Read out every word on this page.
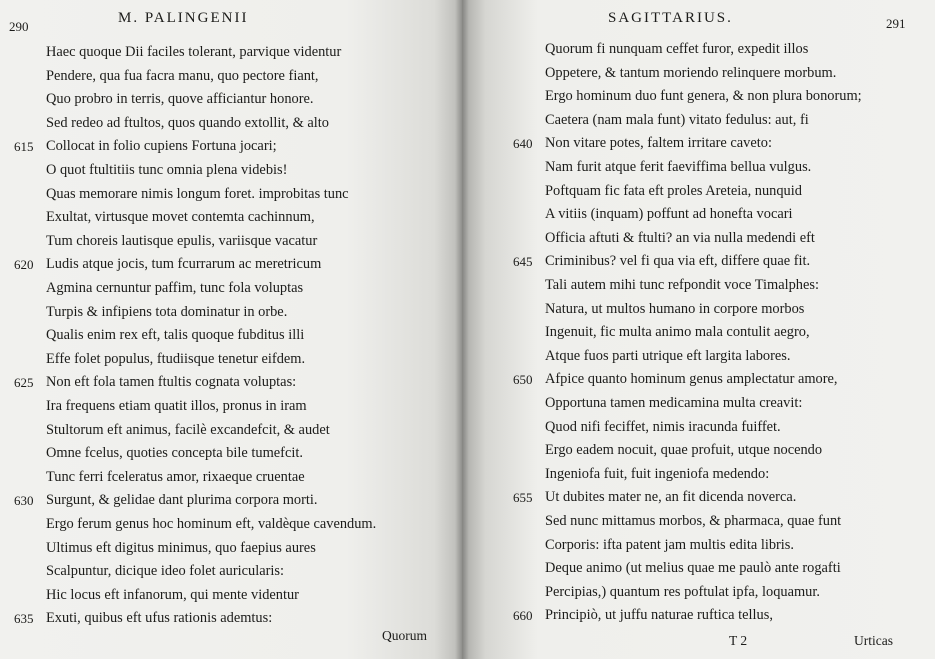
290
M. PALINGENII
Haec quoque Dii faciles tolerant, parvique videntur
Pendere, qua fua facra manu, quo pectore fiant,
Quo probro in terris, quove afficiantur honore.
Sed redeo ad ftultos, quos quando extollit, & alto
Collocat in folio cupiens Fortuna jocari;
615
O quot ftultitiis tunc omnia plena videbis!
Quas memorare nimis longum foret. improbitas tunc
Exultat, virtusque movet contemta cachinnum,
Tum choreis lautisque epulis, variisque vacatur
Ludis atque jocis, tum fcurrarum ac meretricum
620
Agmina cernuntur paffim, tunc fola voluptas
Turpis & infipiens tota dominatur in orbe.
Qualis enim rex eft, talis quoque fubditus illi
Effe folet populus, ftudiisque tenetur eifdem.
Non eft fola tamen ftultis cognata voluptas:
625
Ira frequens etiam quatit illos, pronus in iram
Stultorum eft animus, facilè excandefcit, & audet
Omne fcelus, quoties concepta bile tumefcit.
Tunc ferri fceleratus amor, rixaeque cruentae
Surgunt, & gelidae dant plurima corpora morti.
630
Ergo ferum genus hoc hominum eft, valdèque cavendum.
Ultimus eft digitus minimus, quo faepius aures
Scalpuntur, dicique ideo folet auricularis:
Hic locus eft infanorum, qui mente videntur
Exuti, quibus eft ufus rationis ademtus:
635
Quorum
SAGITTARIUS.	291
Quorum fi nunquam ceffet furor, expedit illos
Oppetere, & tantum moriendo relinquere morbum.
Ergo hominum duo funt genera, & non plura bonorum;
Caetera (nam mala funt) vitato fedulus: aut, fi
Non vitare potes, faltem irritare caveto:
640
Nam furit atque ferit faeviffima bellua vulgus.
Poftquam fic fata eft proles Areteia, nunquid
A vitiis (inquam) poffunt ad honefta vocari
Officia aftuti & ftulti? an via nulla medendi eft
Criminibus? vel fi qua via eft, differe quae fit.
645
Tali autem mihi tunc refpondit voce Timalphes:
Natura, ut multos humano in corpore morbos
Ingenuit, fic multa animo mala contulit aegro,
Atque fuos parti utrique eft largita labores.
Afpice quanto hominum genus amplectatur amore,
650
Opportuna tamen medicamina multa creavit:
Quod nifi feciffet, nimis iracunda fuiffet.
Ergo eadem nocuit, quae profuit, utque nocendo
Ingeniofa fuit, fuit ingeniofa medendo:
Ut dubites mater ne, an fit dicenda noverca.
655
Sed nunc mittamus morbos, & pharmaca, quae funt
Corporis: ifta patent jam multis edita libris.
Deque animo (ut melius quae me paulò ante rogafti
Percipias,) quantum res poftulat ipfa, loquamur.
Principiò, ut juffu naturae ruftica tellus,
660
T 2	Urticas
